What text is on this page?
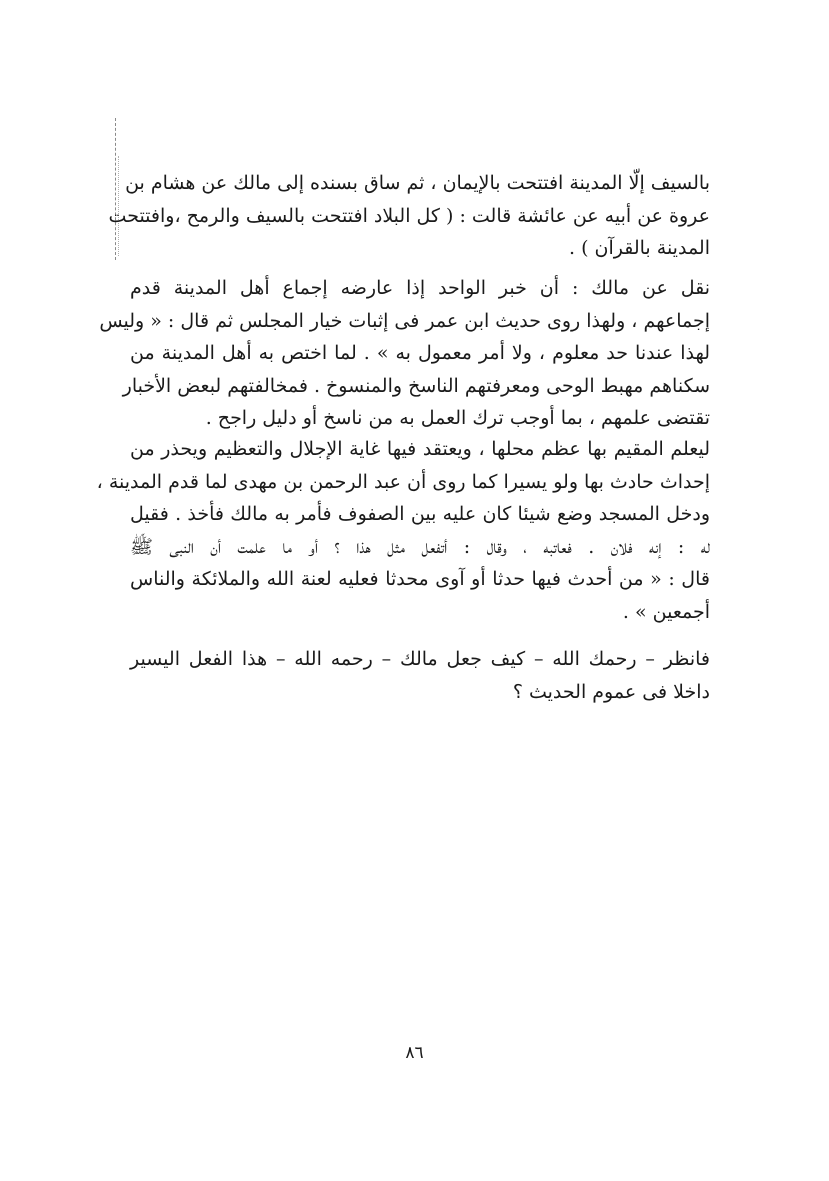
بالسيف إلّا المدينة افتتحت بالإيمان ، ثم ساق بسنده إلى مالك عن هشام بن
عروة عن أبيه عن عائشة قالت : ( كل البلاد افتتحت بالسيف والرمح ،وافتتحت
المدينة بالقرآن ) .

نقل عن مالك : أن خبر الواحد إذا عارضه إجماع أهل المدينة قدم
إجماعهم ، ولهذا روى حديث ابن عمر فى إثبات خيار المجلس ثم قال : « وليس
لهذا عندنا حد معلوم ، ولا أمر معمول به » . لما اختص به أهل المدينة من
سكناهم مهبط الوحى ومعرفتهم الناسخ والمنسوخ . فمخالفتهم لبعض الأخبار
تقتضى علمهم ، بما أوجب ترك العمل به من ناسخ أو دليل راجح .

ليعلم المقيم بها عظم محلها ، ويعتقد فيها غاية الإجلال والتعظيم ويحذر من
إحداث حادث بها ولو يسيرا كما روى أن عبد الرحمن بن مهدى لما قدم المدينة ،
ودخل المسجد وضع شيئا كان عليه بين الصفوف فأمر به مالك فأخذ . فقيل
له : إنه فلان . فعاتبه ، وقال : أتفعل مثل هذا ؟ أو ما علمت أن النبى ﷺ
قال : « من أحدث فيها حدثا أو آوى محدثا فعليه لعنة الله والملائكة والناس
أجمعين » .

فانظر – رحمك الله – كيف جعل مالك – رحمه الله – هذا الفعل اليسير
داخلا فى عموم الحديث ؟

٨٦
